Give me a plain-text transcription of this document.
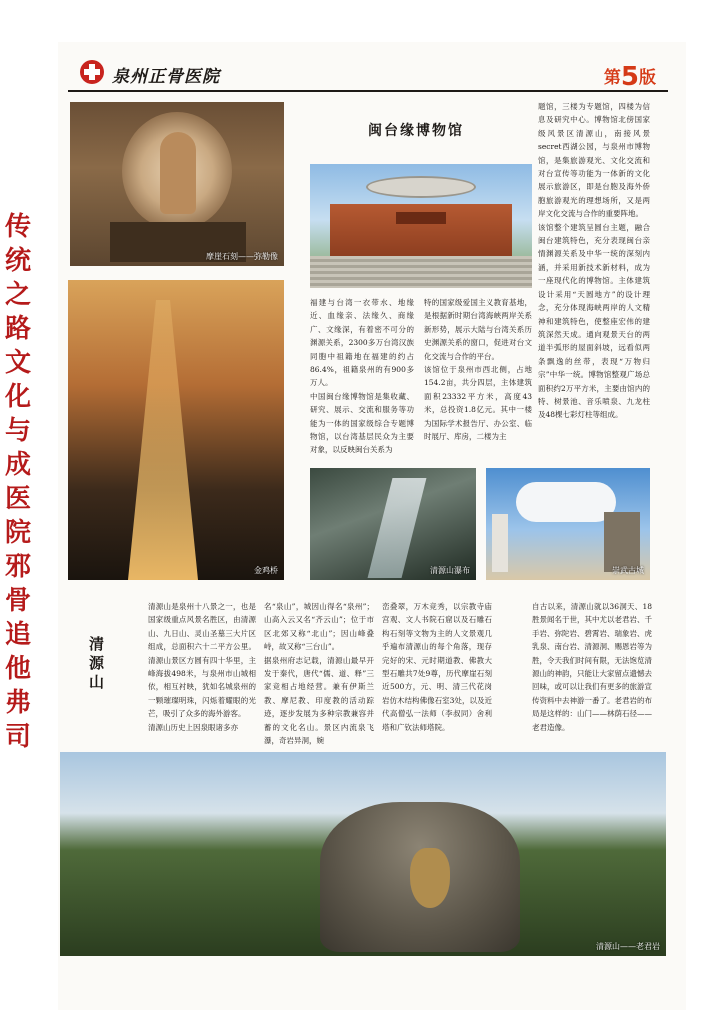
泉州正骨医院	第5版
传
统
之
路
文
化
与
成
医
院
邪
骨
追
他
弗
司
摩崖石刻——弥勒像
金鸡桥
闽台缘博物馆
福建与台湾一衣带水、地缘近、血缘亲、法缘久、商缘广、文缘深，有着密不可分的渊源关系，2300多万台湾汉族同胞中祖籍地在福建的约占86.4%，祖籍泉州的有900多万人。
中国闽台缘博物馆是集收藏、研究、展示、交流和服务等功能为一体的国家级综合专题博物馆，以台湾基层民众为主要对象，以反映闽台关系为
特的国家级爱国主义教育基地，是根据新时期台湾海峡两岸关系新形势，展示大陆与台湾关系历史渊源关系的窗口，促进对台文化交流与合作的平台。
该馆位于泉州市西北侧，占地154.2亩，共分四层，主体建筑面积23332平方米，高度43米，总投资1.8亿元。其中一楼为国际学术报告厅、办公室、临时展厅、库房，二楼为主
题馆，三楼为专题馆，四楼为信息及研究中心。博物馆北傍国家级风景区清源山，南接风景secret西湖公园，与泉州市博物馆，是集旅游观光、文化交流和对台宣传等功能为一体新的文化展示旅游区，即是台胞及海外侨胞旅游观光的理想场所，又是两岸文化交流与合作的重要阵地。
该馆整个建筑呈圆台主题，融合闽台建筑特色，充分表现闽台亲情渊源关系及中华一统的深刻内涵，并采用新技术新材料，成为一座现代化的博物馆。主体建筑设计采用“天圆地方”的设计理念，充分体现海峡两岸的人文精神和建筑特色，使整座宏伟的建筑深然天成。通向观景天台的两道半弧形的屋面斜坡，远看似两条飘逸的丝带，表现“万物归宗”中华一统。博物馆整观广场总面积约2万平方米，主要由馆内的特、树景池、音乐喷泉、九龙柱及48棵七彩灯柱等组成。
清源山瀑布	崇武古城
清源山
清源山是泉州十八景之一，也是国家级重点风景名胜区，由清源山、九日山、灵山圣墓三大片区组成，总面积六十二平方公里。清源山景区方圆有四十华里，主峰海拔498米，与泉州市山城相依，相互衬映，犹如名城泉州的一颗璀璨明珠，闪烁着耀眼的光芒，吸引了众多的海外游客。
清源山历史上因泉眼诸多亦
名“泉山”，城因山得名“泉州”；山高入云又名“齐云山”；位于市区北郊又称“北山”；因山峰叠峙，故又称“三台山”。
据泉州府志记载，清源山最早开发于秦代，唐代“儒、道、释”三家竞相占地经营。兼有伊斯兰教、摩尼教、印度教的活动踪迹，逐步发展为多种宗教兼容并蓄的文化名山。景区内流泉飞瀑，奇岩异洞，婉
峦叠翠，万木竞秀，以宗教寺庙宫观、文人书院石窟以及石雕石构石刻等文物为主的人文景观几乎遍布清源山的每个角落，现存完好的宋、元时期道教、佛教大型石雕共7处9尊，历代摩崖石刻近500方，元、明、清三代花岗岩仿木结构佛像石室3处，以及近代高僧弘一法师（李叔同）舍利塔和广钦法师塔院。
自古以来，清源山就以36洞天、18胜景闻名于世，其中尤以老君岩、千手岩、弥陀岩、碧霄岩、瑞象岩、虎乳泉、南台岩、清源洞、赐恩岩等为胜，令天我们时间有限，无法饱览清源山的神韵，只能让大家留点遗憾去回味，或可以让我们有更多的旅游宣传资料中去神游一番了。老君岩的布局是这样的：山门——林荫石径——老君造像。
清源山——老君岩
